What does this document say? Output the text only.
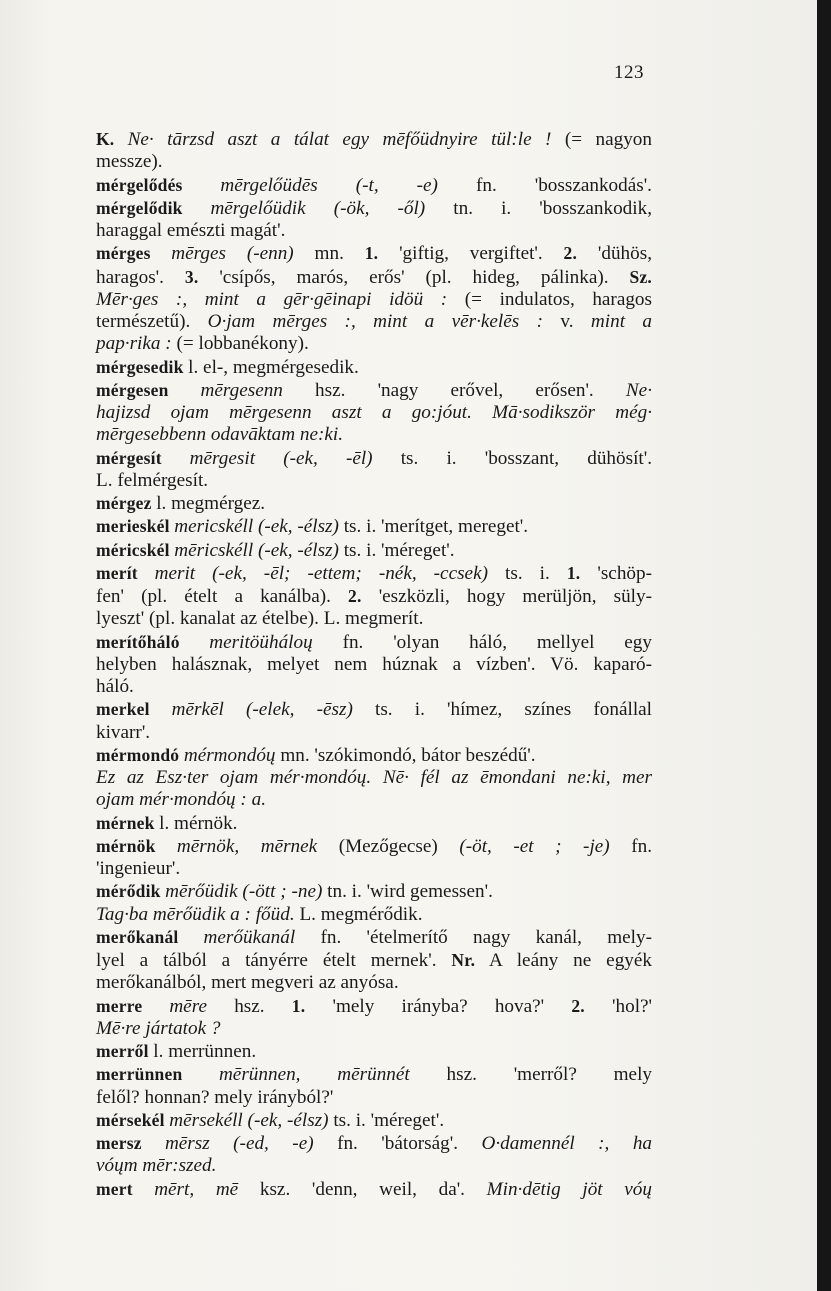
123
K. Ne· tārzsd aszt a tálat egy mēfőüdnyire tül:le ! (= nagyon
messze).
mérgelődés mērgelőüdēs (-t, -e) fn. 'bosszankodás'.
mérgelődik mērgelőüdik (-ök, -ől) tn. i. 'bosszankodik,
haraggal emészti magát'.
mérges mērges (-enn) mn. 1. 'giftig, vergiftet'. 2. 'dühös,
haragos'. 3. 'csípős, marós, erős' (pl. hideg, pálinka). Sz.
Mēr·ges :, mint a gēr·gēinapi idöü : (= indulatos, haragos
természetű). O·jam mērges :, mint a vēr·kelēs : v. mint a
pap·rika : (= lobbanékony).
mérgesedik l. el-, megmérgesedik.
mérgesen mērgesenn hsz. 'nagy erővel, erősen'. Ne·
hajizsd ojam mērgesenn aszt a go:jóut. Mā·sodikször még·
mērgesebbenn odavāktam ne:ki.
mérgesít mērgesit (-ek, -ēl) ts. i. 'bosszant, dühösít'.
L. felmérgesít.
mérgez l. megmérgez.
merieskél mericskéll (-ek, -élsz) ts. i. 'merítget, mereget'.
méricskél mēricskéll (-ek, -élsz) ts. i. 'méreget'.
merít merit (-ek, -ēl; -ettem; -nék, -ccsek) ts. i. 1. 'schöp-
fen' (pl. ételt a kanálba). 2. 'eszközli, hogy merüljön, süly-
lyeszt' (pl. kanalat az ételbe). L. megmerít.
merítőháló meritöüháloų fn. 'olyan háló, mellyel egy
helyben halásznak, melyet nem húznak a vízben'. Vö. kaparó-
háló.
merkel mērkēl (-elek, -ēsz) ts. i. 'hímez, színes fonállal
kivarr'.
mérmondó mérmondóų mn. 'szókimondó, bátor beszédű'.
Ez az Esz·ter ojam mér·mondóų. Nē· fél az ēmondani ne:ki, mer
ojam mér·mondóų : a.
mérnek l. mérnök.
mérnök mērnök, mērnek (Mezőgecse) (-öt, -et ; -je) fn.
'ingenieur'.
mérődik mērőüdik (-ött ; -ne) tn. i. 'wird gemessen'.
Tag·ba mērőüdik a : főüd. L. megmérődik.
merőkanál merőükanál fn. 'ételmerítő nagy kanál, mely-
lyel a tálból a tányérre ételt mernek'. Nr. A leány ne egyék
merőkanálból, mert megveri az anyósa.
merre mēre hsz. 1. 'mely irányba? hova?' 2. 'hol?'
Mē·re jártatok ?
merről l. merrünnen.
merrünnen mērünnen, mērünnét hsz. 'merről? mely
felől? honnan? mely irányból?'
mérsekél mērsekéll (-ek, -élsz) ts. i. 'méreget'.
mersz mērsz (-ed, -e) fn. 'bátorság'. O·damennél :, ha
vóųm mēr:szed.
mert mērt, mē ksz. 'denn, weil, da'. Min·dētig jöt vóų
